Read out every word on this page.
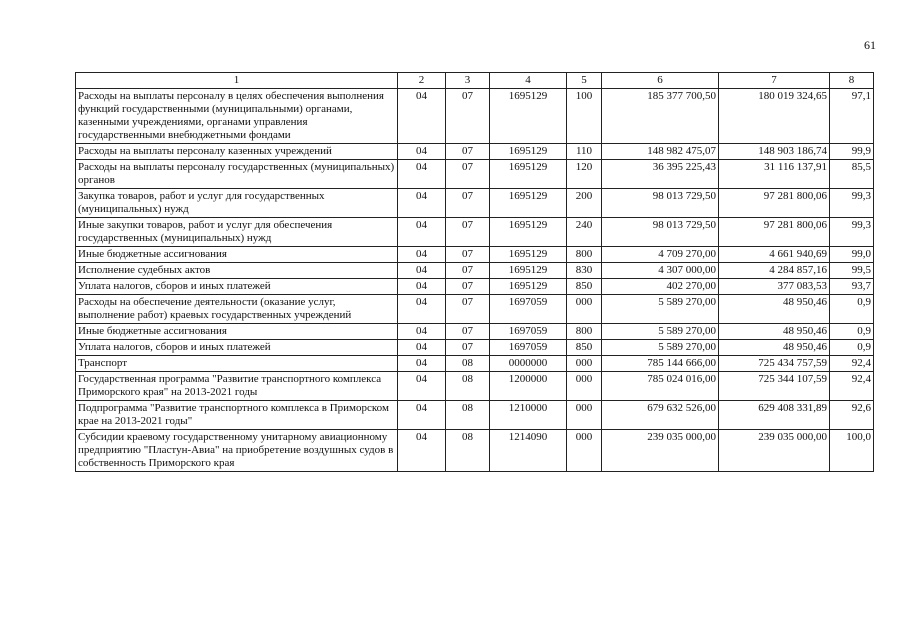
61
1	2	3	4	5	6	7	8
Расходы на выплаты персоналу в целях обеспечения выполнения функций государственными (муниципальными) органами, казенными учреждениями, органами управления государственными внебюджетными фондами	04	07	1695129	100	185 377 700,50	180 019 324,65	97,1
Расходы на выплаты персоналу казенных учреждений	04	07	1695129	110	148 982 475,07	148 903 186,74	99,9
Расходы на выплаты персоналу государственных (муниципальных) органов	04	07	1695129	120	36 395 225,43	31 116 137,91	85,5
Закупка товаров, работ и услуг для государственных (муниципальных) нужд	04	07	1695129	200	98 013 729,50	97 281 800,06	99,3
Иные закупки товаров, работ и услуг для обеспечения государственных (муниципальных) нужд	04	07	1695129	240	98 013 729,50	97 281 800,06	99,3
Иные бюджетные ассигнования	04	07	1695129	800	4 709 270,00	4 661 940,69	99,0
Исполнение судебных актов	04	07	1695129	830	4 307 000,00	4 284 857,16	99,5
Уплата налогов, сборов и иных платежей	04	07	1695129	850	402 270,00	377 083,53	93,7
Расходы на обеспечение деятельности (оказание услуг, выполнение работ) краевых государственных учреждений	04	07	1697059	000	5 589 270,00	48 950,46	0,9
Иные бюджетные ассигнования	04	07	1697059	800	5 589 270,00	48 950,46	0,9
Уплата налогов, сборов и иных платежей	04	07	1697059	850	5 589 270,00	48 950,46	0,9
Транспорт	04	08	0000000	000	785 144 666,00	725 434 757,59	92,4
Государственная программа "Развитие транспортного комплекса Приморского края" на 2013-2021 годы	04	08	1200000	000	785 024 016,00	725 344 107,59	92,4
Подпрограмма "Развитие транспортного комплекса в Приморском крае на 2013-2021 годы"	04	08	1210000	000	679 632 526,00	629 408 331,89	92,6
Субсидии краевому государственному унитарному авиационному предприятию "Пластун-Авиа" на приобретение воздушных судов в собственность Приморского края	04	08	1214090	000	239 035 000,00	239 035 000,00	100,0
